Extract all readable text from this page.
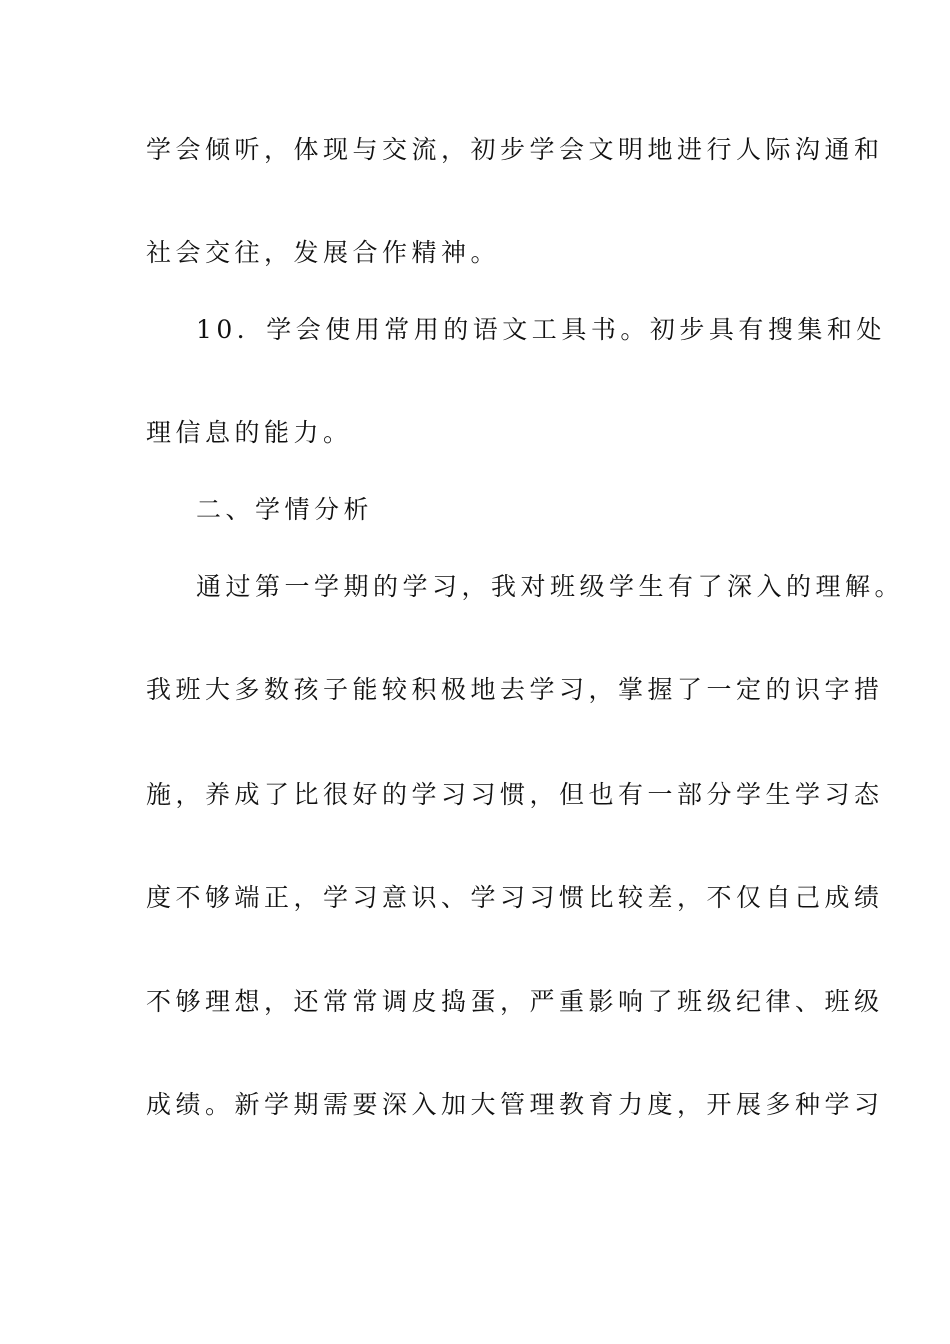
学会倾听，体现与交流，初步学会文明地进行人际沟通和
社会交往，发展合作精神。
10．学会使用常用的语文工具书。初步具有搜集和处
理信息的能力。
二、学情分析
通过第一学期的学习，我对班级学生有了深入的理解。
我班大多数孩子能较积极地去学习，掌握了一定的识字措
施，养成了比很好的学习习惯，但也有一部分学生学习态
度不够端正，学习意识、学习习惯比较差，不仅自己成绩
不够理想，还常常调皮捣蛋，严重影响了班级纪律、班级
成绩。新学期需要深入加大管理教育力度，开展多种学习
